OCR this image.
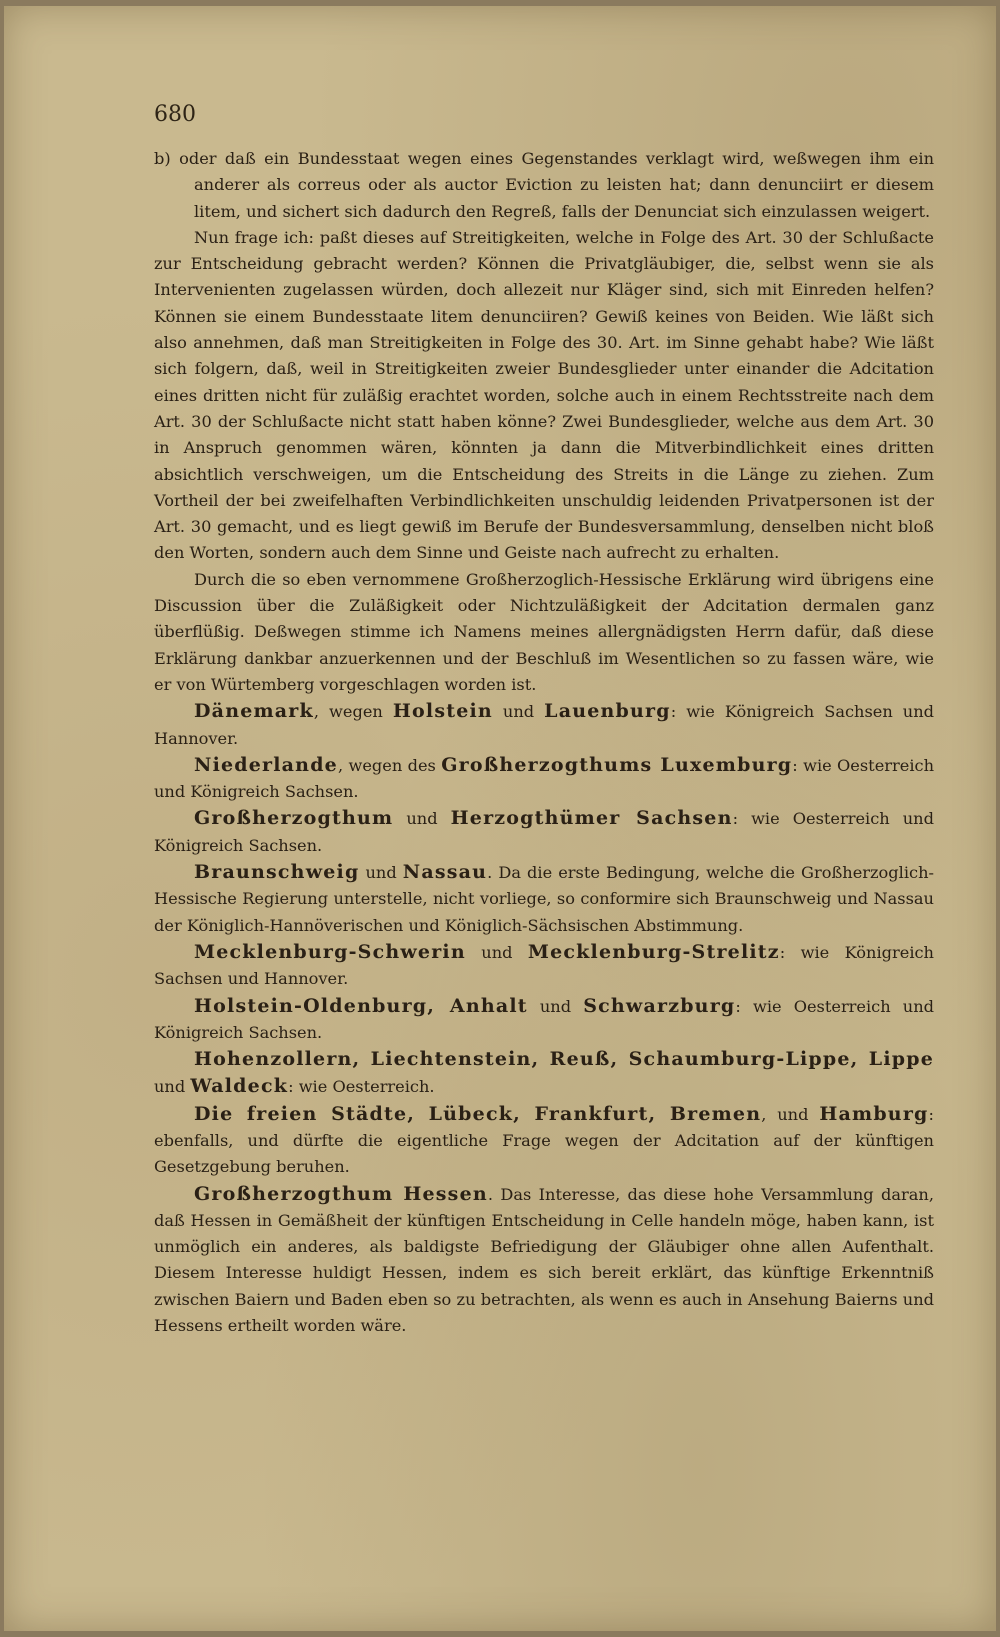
680

b) oder daß ein Bundesstaat wegen eines Gegenstandes verklagt wird, weßwegen ihm ein anderer als correus oder als auctor Eviction zu leisten hat; dann denunciirt er diesem litem, und sichert sich dadurch den Regreß, falls der Denunciat sich einzulassen weigert.

Nun frage ich: paßt dieses auf Streitigkeiten, welche in Folge des Art. 30 der Schlußacte zur Entscheidung gebracht werden? Können die Privatgläubiger, die, selbst wenn sie als Intervenienten zugelassen würden, doch allezeit nur Kläger sind, sich mit Einreden helfen? Können sie einem Bundesstaate litem denunciiren? Gewiß keines von Beiden. Wie läßt sich also annehmen, daß man Streitigkeiten in Folge des 30. Art. im Sinne gehabt habe? Wie läßt sich folgern, daß, weil in Streitigkeiten zweier Bundesglieder unter einander die Adcitation eines dritten nicht für zuläßig erachtet worden, solche auch in einem Rechtsstreite nach dem Art. 30 der Schlußacte nicht statt haben könne? Zwei Bundesglieder, welche aus dem Art. 30 in Anspruch genommen wären, könnten ja dann die Mitverbindlichkeit eines dritten absichtlich verschweigen, um die Entscheidung des Streits in die Länge zu ziehen. Zum Vortheil der bei zweifelhaften Verbindlichkeiten unschuldig leidenden Privatpersonen ist der Art. 30 gemacht, und es liegt gewiß im Berufe der Bundesversammlung, denselben nicht bloß den Worten, sondern auch dem Sinne und Geiste nach aufrecht zu erhalten.

Durch die so eben vernommene Großherzoglich-Hessische Erklärung wird übrigens eine Discussion über die Zuläßigkeit oder Nichtzuläßigkeit der Adcitation dermalen ganz überflüßig. Deßwegen stimme ich Namens meines allergnädigsten Herrn dafür, daß diese Erklärung dankbar anzuerkennen und der Beschluß im Wesentlichen so zu fassen wäre, wie er von Würtemberg vorgeschlagen worden ist.

Dänemark, wegen Holstein und Lauenburg: wie Königreich Sachsen und Hannover.

Niederlande, wegen des Großherzogthums Luxemburg: wie Oesterreich und Königreich Sachsen.

Großherzogthum und Herzogthümer Sachsen: wie Oesterreich und Königreich Sachsen.

Braunschweig und Nassau. Da die erste Bedingung, welche die Großherzoglich-Hessische Regierung unterstelle, nicht vorliege, so conformire sich Braunschweig und Nassau der Königlich-Hannöverischen und Königlich-Sächsischen Abstimmung.

Mecklenburg-Schwerin und Mecklenburg-Strelitz: wie Königreich Sachsen und Hannover.

Holstein-Oldenburg, Anhalt und Schwarzburg: wie Oesterreich und Königreich Sachsen.

Hohenzollern, Liechtenstein, Reuß, Schaumburg-Lippe, Lippe und Waldeck: wie Oesterreich.

Die freien Städte, Lübeck, Frankfurt, Bremen, und Hamburg: ebenfalls, und dürfte die eigentliche Frage wegen der Adcitation auf der künftigen Gesetzgebung beruhen.

Großherzogthum Hessen. Das Interesse, das diese hohe Versammlung daran, daß Hessen in Gemäßheit der künftigen Entscheidung in Celle handeln möge, haben kann, ist unmöglich ein anderes, als baldigste Befriedigung der Gläubiger ohne allen Aufenthalt. Diesem Interesse huldigt Hessen, indem es sich bereit erklärt, das künftige Erkenntniß zwischen Baiern und Baden eben so zu betrachten, als wenn es auch in Ansehung Baierns und Hessens ertheilt worden wäre.
